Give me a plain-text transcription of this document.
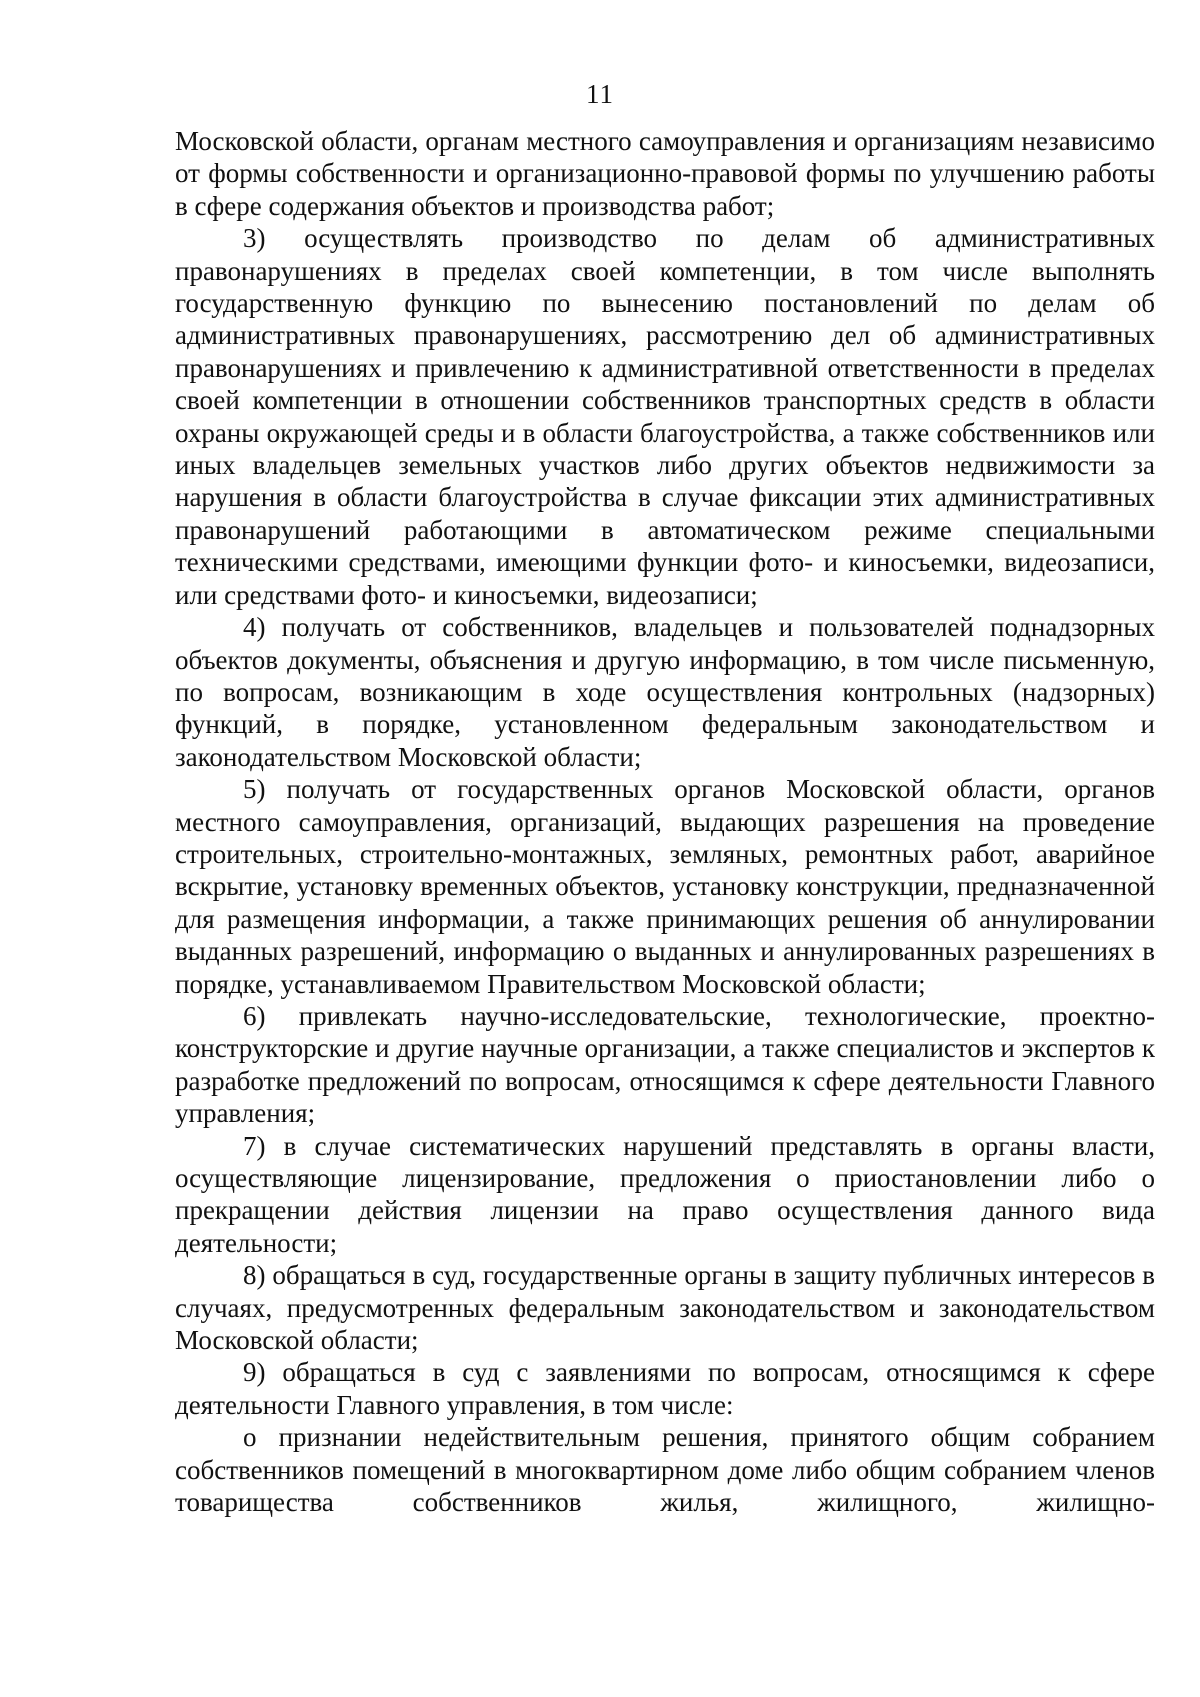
11

Московской области, органам местного самоуправления и организациям независимо от формы собственности и организационно-правовой формы по улучшению работы в сфере содержания объектов и производства работ;

3) осуществлять производство по делам об административных правонарушениях в пределах своей компетенции, в том числе выполнять государственную функцию по вынесению постановлений по делам об административных правонарушениях, рассмотрению дел об административных правонарушениях и привлечению к административной ответственности в пределах своей компетенции в отношении собственников транспортных средств в области охраны окружающей среды и в области благоустройства, а также собственников или иных владельцев земельных участков либо других объектов недвижимости за нарушения в области благоустройства в случае фиксации этих административных правонарушений работающими в автоматическом режиме специальными техническими средствами, имеющими функции фото- и киносъемки, видеозаписи, или средствами фото- и киносъемки, видеозаписи;

4) получать от собственников, владельцев и пользователей поднадзорных объектов документы, объяснения и другую информацию, в том числе письменную, по вопросам, возникающим в ходе осуществления контрольных (надзорных) функций, в порядке, установленном федеральным законодательством и законодательством Московской области;

5) получать от государственных органов Московской области, органов местного самоуправления, организаций, выдающих разрешения на проведение строительных, строительно-монтажных, земляных, ремонтных работ, аварийное вскрытие, установку временных объектов, установку конструкции, предназначенной для размещения информации, а также принимающих решения об аннулировании выданных разрешений, информацию о выданных и аннулированных разрешениях в порядке, устанавливаемом Правительством Московской области;

6) привлекать научно-исследовательские, технологические, проектно-конструкторские и другие научные организации, а также специалистов и экспертов к разработке предложений по вопросам, относящимся к сфере деятельности Главного управления;

7) в случае систематических нарушений представлять в органы власти, осуществляющие лицензирование, предложения о приостановлении либо о прекращении действия лицензии на право осуществления данного вида деятельности;

8) обращаться в суд, государственные органы в защиту публичных интересов в случаях, предусмотренных федеральным законодательством и законодательством Московской области;

9) обращаться в суд с заявлениями по вопросам, относящимся к сфере деятельности Главного управления, в том числе:

о признании недействительным решения, принятого общим собранием собственников помещений в многоквартирном доме либо общим собранием членов товарищества собственников жилья, жилищного, жилищно-
